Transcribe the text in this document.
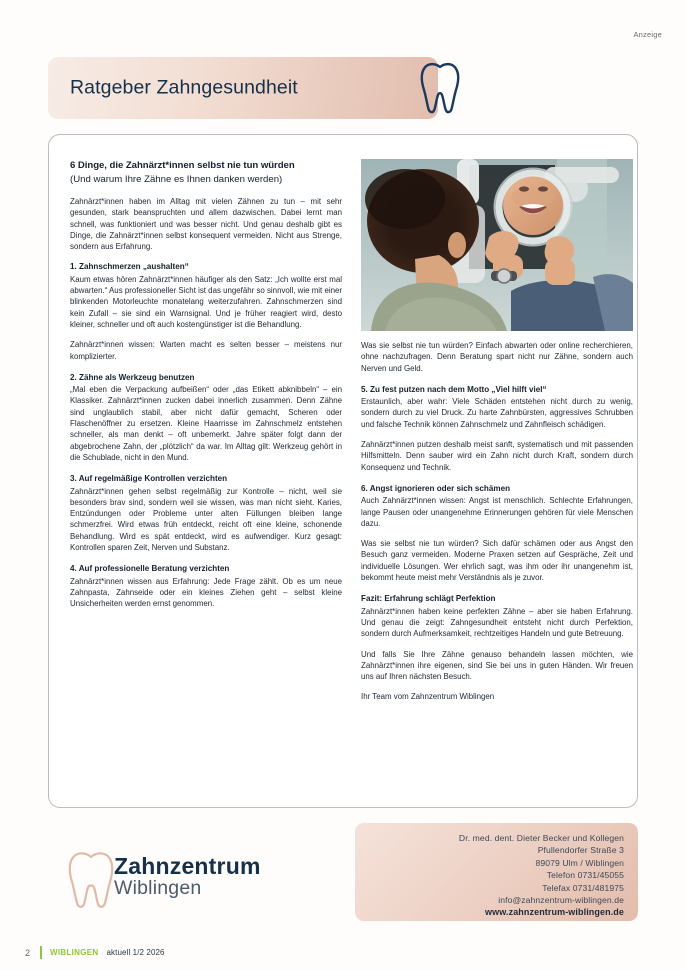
Anzeige
Ratgeber Zahngesundheit
6 Dinge, die Zahnärzt*innen selbst nie tun würden
(Und warum Ihre Zähne es Ihnen danken werden)

Zahnärzt*innen haben im Alltag mit vielen Zähnen zu tun – mit sehr gesunden, stark beanspruchten und allem dazwischen. Dabei lernt man schnell, was funktioniert und was besser nicht. Und genau deshalb gibt es Dinge, die Zahnärzt*innen selbst konsequent vermeiden. Nicht aus Strenge, sondern aus Erfahrung.

1. Zahnschmerzen „aushalten“

Kaum etwas hören Zahnärzt*innen häufiger als den Satz: „Ich wollte erst mal abwarten.“ Aus professioneller Sicht ist das ungefähr so sinnvoll, wie mit einer blinkenden Motorleuchte monatelang weiterzufahren. Zahnschmerzen sind kein Zufall – sie sind ein Warnsignal. Und je früher reagiert wird, desto kleiner, schneller und oft auch kostengünstiger ist die Behandlung.

Zahnärzt*innen wissen: Warten macht es selten besser – meistens nur komplizierter.

2. Zähne als Werkzeug benutzen

„Mal eben die Verpackung aufbeißen“ oder „das Etikett abknibbeln“ – ein Klassiker. Zahnärzt*innen zucken dabei innerlich zusammen. Denn Zähne sind unglaublich stabil, aber nicht dafür gemacht, Scheren oder Flaschenöffner zu ersetzen. Kleine Haarrisse im Zahnschmelz entstehen schneller, als man denkt – oft unbemerkt. Jahre später folgt dann der abgebrochene Zahn, der „plötzlich“ da war. Im Alltag gilt: Werkzeug gehört in die Schublade, nicht in den Mund.

3. Auf regelmäßige Kontrollen verzichten

Zahnärzt*innen gehen selbst regelmäßig zur Kontrolle – nicht, weil sie besonders brav sind, sondern weil sie wissen, was man nicht sieht. Karies, Entzündungen oder Probleme unter alten Füllungen bleiben lange schmerzfrei. Wird etwas früh entdeckt, reicht oft eine kleine, schonende Behandlung. Wird es spät entdeckt, wird es aufwendiger. Kurz gesagt: Kontrollen sparen Zeit, Nerven und Substanz.

4. Auf professionelle Beratung verzichten

Zahnärzt*innen wissen aus Erfahrung: Jede Frage zählt. Ob es um neue Zahnpasta, Zahnseide oder ein kleines Ziehen geht – selbst kleine Unsicherheiten werden ernst genommen.

Was sie selbst nie tun würden? Einfach abwarten oder online recherchieren, ohne nachzufragen. Denn Beratung spart nicht nur Zähne, sondern auch Nerven und Geld.

5. Zu fest putzen nach dem Motto „Viel hilft viel“

Erstaunlich, aber wahr: Viele Schäden entstehen nicht durch zu wenig, sondern durch zu viel Druck. Zu harte Zahnbürsten, aggressives Schrubben und falsche Technik können Zahnschmelz und Zahnfleisch schädigen.

Zahnärzt*innen putzen deshalb meist sanft, systematisch und mit passenden Hilfsmitteln. Denn sauber wird ein Zahn nicht durch Kraft, sondern durch Konsequenz und Technik.

6. Angst ignorieren oder sich schämen

Auch Zahnärzt*innen wissen: Angst ist menschlich. Schlechte Erfahrungen, lange Pausen oder unangenehme Erinnerungen gehören für viele Menschen dazu.

Was sie selbst nie tun würden? Sich dafür schämen oder aus Angst den Besuch ganz vermeiden. Moderne Praxen setzen auf Gespräche, Zeit und individuelle Lösungen. Wer ehrlich sagt, was ihm oder ihr unangenehm ist, bekommt heute meist mehr Verständnis als je zuvor.

Fazit: Erfahrung schlägt Perfektion

Zahnärzt*innen haben keine perfekten Zähne – aber sie haben Erfahrung. Und genau die zeigt: Zahngesundheit entsteht nicht durch Perfektion, sondern durch Aufmerksamkeit, rechtzeitiges Handeln und gute Betreuung.

Und falls Sie Ihre Zähne genauso behandeln lassen möchten, wie Zahnärzt*innen ihre eigenen, sind Sie bei uns in guten Händen. Wir freuen uns auf Ihren nächsten Besuch.

Ihr Team vom Zahnzentrum Wiblingen

Zahnzentrum
Wiblingen
Dr. med. dent. Dieter Becker und Kollegen
Pfullendorfer Straße 3
89079 Ulm / Wiblingen
Telefon 0731/45055
Telefax 0731/481975
info@zahnzentrum-wiblingen.de
www.zahnzentrum-wiblingen.de
2	WIBLINGEN aktuell 1/2 2026
